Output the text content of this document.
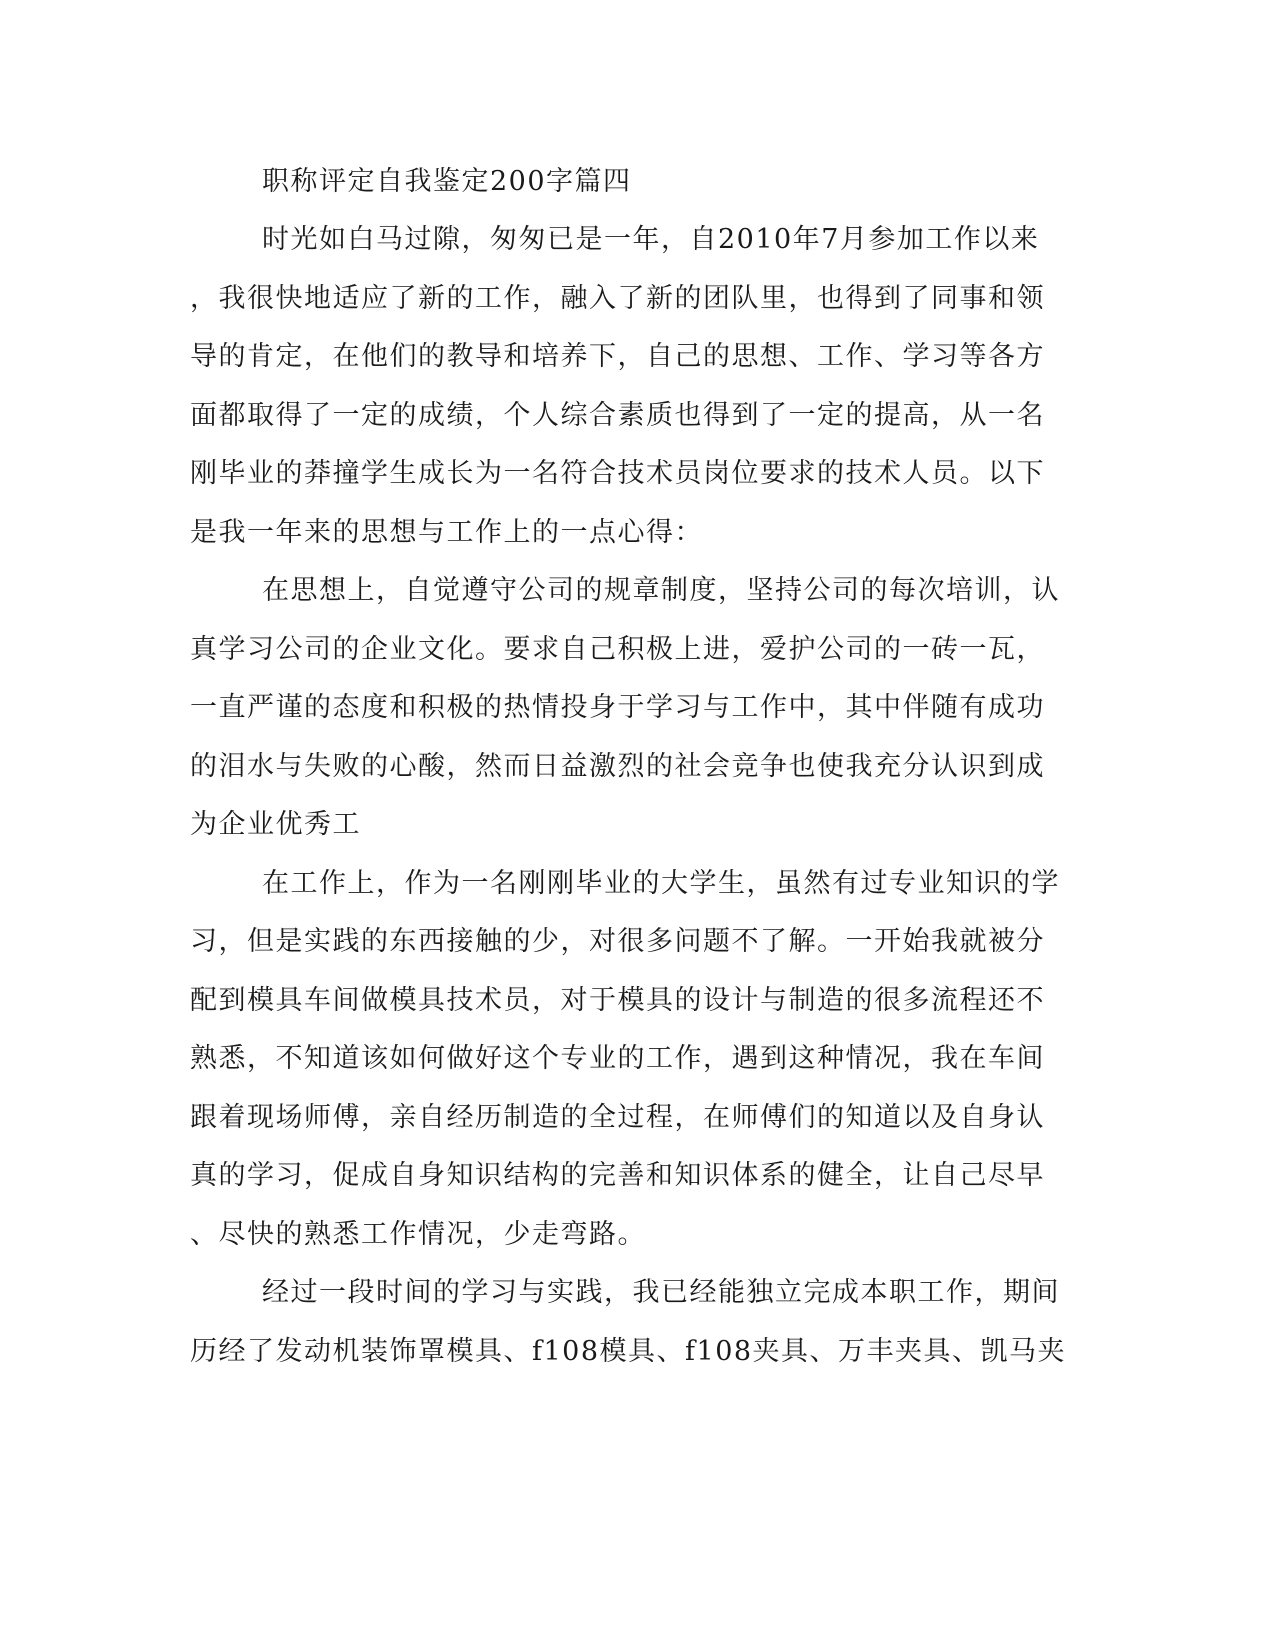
职称评定自我鉴定200字篇四
时光如白马过隙，匆匆已是一年，自2010年7月参加工作以来
，我很快地适应了新的工作，融入了新的团队里，也得到了同事和领
导的肯定，在他们的教导和培养下，自己的思想、工作、学习等各方
面都取得了一定的成绩，个人综合素质也得到了一定的提高，从一名
刚毕业的莽撞学生成长为一名符合技术员岗位要求的技术人员。以下
是我一年来的思想与工作上的一点心得：
在思想上，自觉遵守公司的规章制度，坚持公司的每次培训，认
真学习公司的企业文化。要求自己积极上进，爱护公司的一砖一瓦，
一直严谨的态度和积极的热情投身于学习与工作中，其中伴随有成功
的泪水与失败的心酸，然而日益激烈的社会竞争也使我充分认识到成
为企业优秀工
在工作上，作为一名刚刚毕业的大学生，虽然有过专业知识的学
习，但是实践的东西接触的少，对很多问题不了解。一开始我就被分
配到模具车间做模具技术员，对于模具的设计与制造的很多流程还不
熟悉，不知道该如何做好这个专业的工作，遇到这种情况，我在车间
跟着现场师傅，亲自经历制造的全过程，在师傅们的知道以及自身认
真的学习，促成自身知识结构的完善和知识体系的健全，让自己尽早
、尽快的熟悉工作情况，少走弯路。
经过一段时间的学习与实践，我已经能独立完成本职工作，期间
历经了发动机装饰罩模具、f108模具、f108夹具、万丰夹具、凯马夹
